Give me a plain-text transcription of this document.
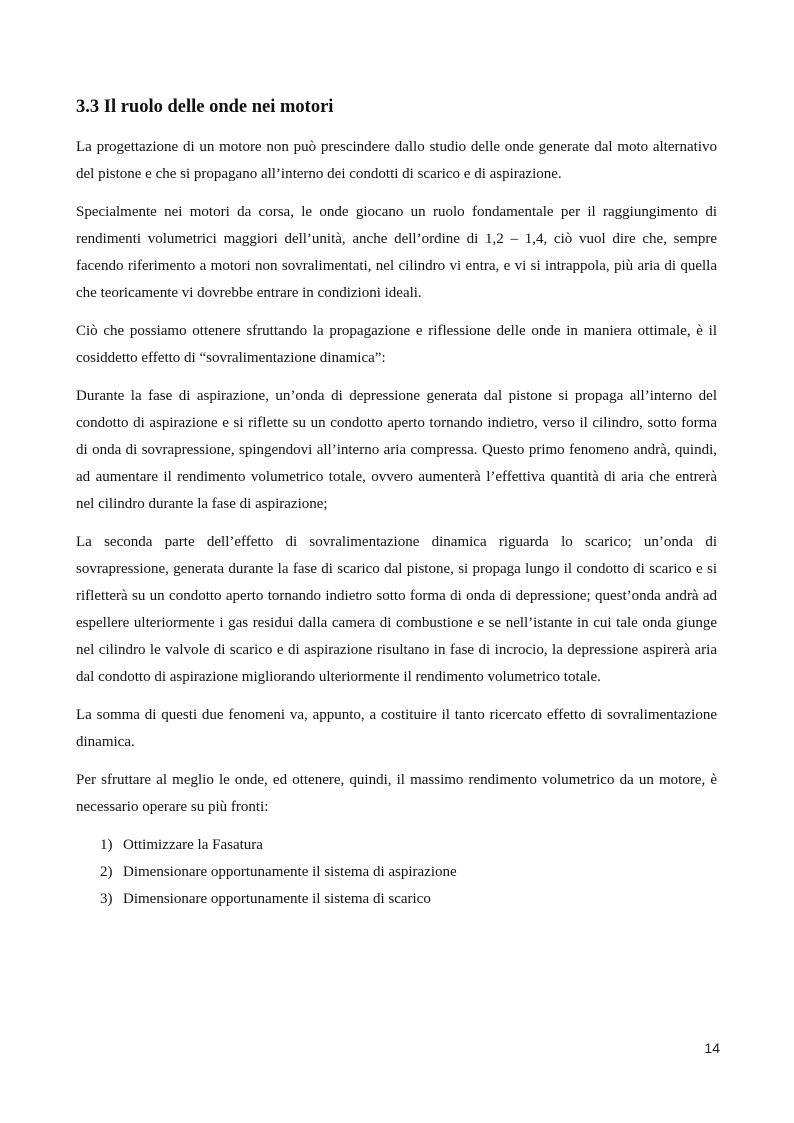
3.3 Il ruolo delle onde nei motori

La progettazione di un motore non può prescindere dallo studio delle onde generate dal moto alternativo del pistone e che si propagano all’interno dei condotti di scarico e di aspirazione.

Specialmente nei motori da corsa, le onde giocano un ruolo fondamentale per il raggiungimento di rendimenti volumetrici maggiori dell’unità, anche dell’ordine di 1,2 – 1,4, ciò vuol dire che, sempre facendo riferimento a motori non sovralimentati, nel cilindro vi entra, e vi si intrappola, più aria di quella che teoricamente vi dovrebbe entrare in condizioni ideali.

Ciò che possiamo ottenere sfruttando la propagazione e riflessione delle onde in maniera ottimale, è il cosiddetto effetto di “sovralimentazione dinamica”:

Durante la fase di aspirazione, un’onda di depressione generata dal pistone si propaga all’interno del condotto di aspirazione e si riflette su un condotto aperto tornando indietro, verso il cilindro, sotto forma di onda di sovrapressione, spingendovi all’interno aria compressa. Questo primo fenomeno andrà, quindi, ad aumentare il rendimento volumetrico totale, ovvero aumenterà l’effettiva quantità di aria che entrerà nel cilindro durante la fase di aspirazione;

La seconda parte dell’effetto di sovralimentazione dinamica riguarda lo scarico; un’onda di sovrapressione, generata durante la fase di scarico dal pistone, si propaga lungo il condotto di scarico e si rifletterà su un condotto aperto tornando indietro sotto forma di onda di depressione; quest’onda andrà ad espellere ulteriormente i gas residui dalla camera di combustione e se nell’istante in cui tale onda giunge nel cilindro le valvole di scarico e di aspirazione risultano in fase di incrocio, la depressione aspirerà aria dal condotto di aspirazione migliorando ulteriormente il rendimento volumetrico totale.

La somma di questi due fenomeni va, appunto, a costituire il tanto ricercato effetto di sovralimentazione dinamica.

Per sfruttare al meglio le onde, ed ottenere, quindi, il massimo rendimento volumetrico da un motore, è necessario operare su più fronti:

1) Ottimizzare la Fasatura
2) Dimensionare opportunamente il sistema di aspirazione
3) Dimensionare opportunamente il sistema di scarico
14
